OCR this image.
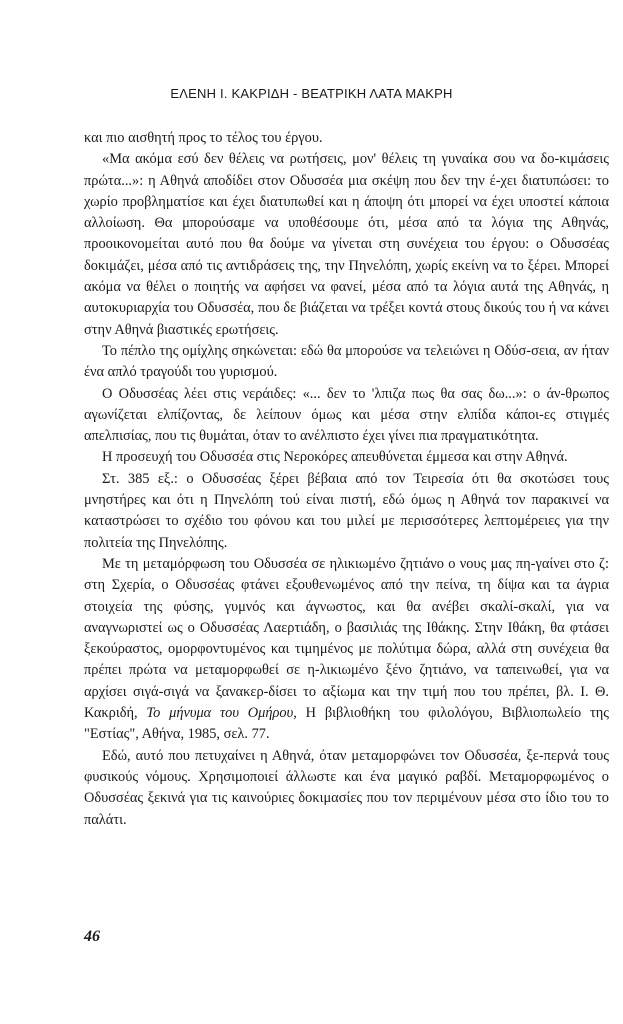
ΕΛΕΝΗ Ι. ΚΑΚΡΙΔΗ - ΒΕΑΤΡΙΚΗ ΛΑΤΑ ΜΑΚΡΗ

και πιο αισθητή προς το τέλος του έργου.

«Μα ακόμα εσύ δεν θέλεις να ρωτήσεις, μον' θέλεις τη γυναίκα σου να δο-κιμάσεις πρώτα...»: η Αθηνά αποδίδει στον Οδυσσέα μια σκέψη που δεν την έ-χει διατυπώσει: το χωρίο προβληματίσε και έχει διατυπωθεί και η άποψη ότι μπορεί να έχει υποστεί κάποια αλλοίωση. Θα μπορούσαμε να υποθέσουμε ότι, μέσα από τα λόγια της Αθηνάς, προοικονομείται αυτό που θα δούμε να γίνεται στη συνέχεια του έργου: ο Οδυσσέας δοκιμάζει, μέσα από τις αντιδράσεις της, την Πηνελόπη, χωρίς εκείνη να το ξέρει. Μπορεί ακόμα να θέλει ο ποιητής να αφήσει να φανεί, μέσα από τα λόγια αυτά της Αθηνάς, η αυτοκυριαρχία του Οδυσσέα, που δε βιάζεται να τρέξει κοντά στους δικούς του ή να κάνει στην Αθηνά βιαστικές ερωτήσεις.

Το πέπλο της ομίχλης σηκώνεται: εδώ θα μπορούσε να τελειώνει η Οδύσ-σεια, αν ήταν ένα απλό τραγούδι του γυρισμού.

Ο Οδυσσέας λέει στις νεράιδες: «... δεν το 'λπιζα πως θα σας δω...»: ο άν-θρωπος αγωνίζεται ελπίζοντας, δε λείπουν όμως και μέσα στην ελπίδα κάποι-ες στιγμές απελπισίας, που τις θυμάται, όταν το ανέλπιστο έχει γίνει πια πραγματικότητα.

Η προσευχή του Οδυσσέα στις Νεροκόρες απευθύνεται έμμεσα και στην Αθηνά.

Στ. 385 εξ.: ο Οδυσσέας ξέρει βέβαια από τον Τειρεσία ότι θα σκοτώσει τους μνηστήρες και ότι η Πηνελόπη τού είναι πιστή, εδώ όμως η Αθηνά τον παρακινεί να καταστρώσει το σχέδιο του φόνου και του μιλεί με περισσότερες λεπτομέρειες για την πολιτεία της Πηνελόπης.

Με τη μεταμόρφωση του Οδυσσέα σε ηλικιωμένο ζητιάνο ο νους μας πη-γαίνει στο ζ: στη Σχερία, ο Οδυσσέας φτάνει εξουθενωμένος από την πείνα, τη δίψα και τα άγρια στοιχεία της φύσης, γυμνός και άγνωστος, και θα ανέβει σκαλί-σκαλί, για να αναγνωριστεί ως ο Οδυσσέας Λαερτιάδη, ο βασιλιάς της Ιθάκης. Στην Ιθάκη, θα φτάσει ξεκούραστος, ομορφοντυμένος και τιμημένος με πολύτιμα δώρα, αλλά στη συνέχεια θα πρέπει πρώτα να μεταμορφωθεί σε η-λικιωμένο ξένο ζητιάνο, να ταπεινωθεί, για να αρχίσει σιγά-σιγά να ξανακερ-δίσει το αξίωμα και την τιμή που του πρέπει, βλ. Ι. Θ. Κακριδή, Το μήνυμα του Ομήρου, Η βιβλιοθήκη του φιλολόγου, Βιβλιοπωλείο της "Εστίας", Αθήνα, 1985, σελ. 77.

Εδώ, αυτό που πετυχαίνει η Αθηνά, όταν μεταμορφώνει τον Οδυσσέα, ξε-περνά τους φυσικούς νόμους. Χρησιμοποιεί άλλωστε και ένα μαγικό ραβδί. Μεταμορφωμένος ο Οδυσσέας ξεκινά για τις καινούριες δοκιμασίες που τον περιμένουν μέσα στο ίδιο του το παλάτι.

46
